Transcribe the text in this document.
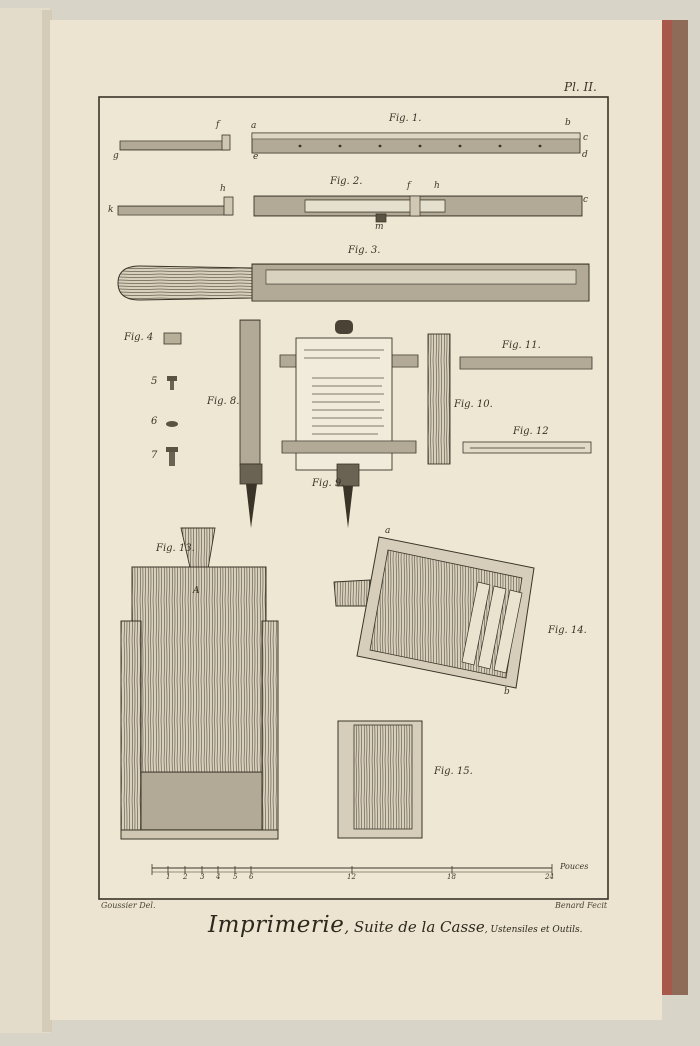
Pl. II.
Fig. 1.
Fig. 2.
Fig. 3.
Fig. 4
5
6
7
Fig. 8.
Fig. 9.
Fig. 10.
Fig. 11.
Fig. 12
Fig. 13.
Fig. 14.
Fig. 15.
f
g
a
e
b
c
d
h
k
f	h
m
c
A
a
b
1 2 3 4 5 6	12	18	24
Pouces
Goussier Del.	Benard Fecit
Imprimerie, Suite de la Casse, Ustensiles et Outils.
